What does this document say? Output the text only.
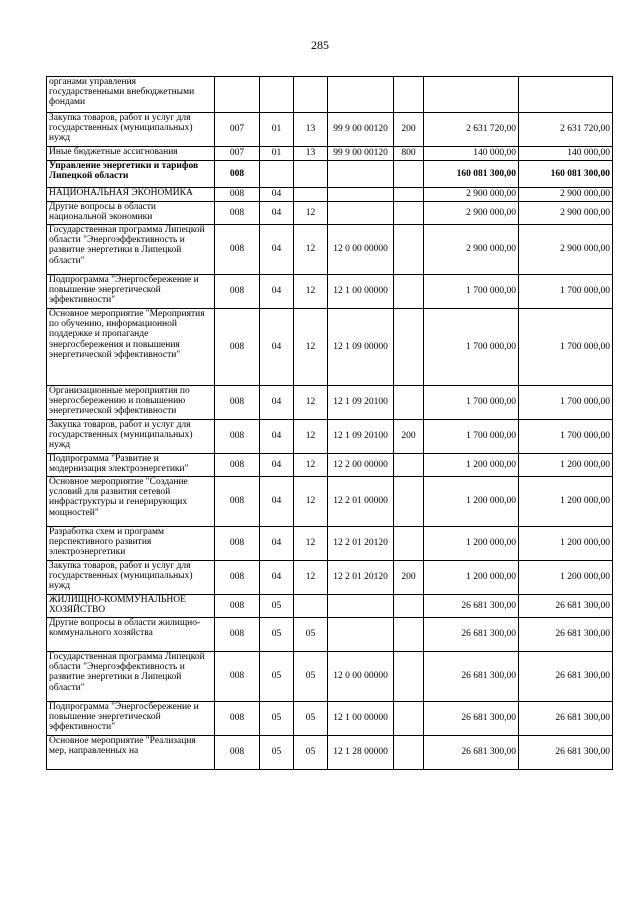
285
органами управления государственными внебюджетными фондами							
Закупка товаров, работ и услуг для государственных (муниципальных) нужд	007	01	13	99 9 00 00120	200	2 631 720,00	2 631 720,00
Иные бюджетные ассигнования	007	01	13	99 9 00 00120	800	140 000,00	140 000,00
Управление энергетики и тарифов Липецкой области	008					160 081 300,00	160 081 300,00
НАЦИОНАЛЬНАЯ ЭКОНОМИКА	008	04				2 900 000,00	2 900 000,00
Другие вопросы в области национальной экономики	008	04	12			2 900 000,00	2 900 000,00
Государственная программа Липецкой области "Энергоэффективность и развитие энергетики в Липецкой области"	008	04	12	12 0 00 00000		2 900 000,00	2 900 000,00
Подпрограмма "Энергосбережение и повышение энергетической эффективности"	008	04	12	12 1 00 00000		1 700 000,00	1 700 000,00
Основное мероприятие "Мероприятия по обучению, информационной поддержке и пропаганде энергосбережения и повышения энергетической эффективности"	008	04	12	12 1 09 00000		1 700 000,00	1 700 000,00
Организационные мероприятия по энергосбережению и повышению энергетической эффективности	008	04	12	12 1 09 20100		1 700 000,00	1 700 000,00
Закупка товаров, работ и услуг для государственных (муниципальных) нужд	008	04	12	12 1 09 20100	200	1 700 000,00	1 700 000,00
Подпрограмма "Развитие и модернизация электроэнергетики"	008	04	12	12 2 00 00000		1 200 000,00	1 200 000,00
Основное мероприятие "Создание условий для развития сетевой инфраструктуры и генерирующих мощностей"	008	04	12	12 2 01 00000		1 200 000,00	1 200 000,00
Разработка схем и программ перспективного развития электроэнергетики	008	04	12	12 2 01 20120		1 200 000,00	1 200 000,00
Закупка товаров, работ и услуг для государственных (муниципальных) нужд	008	04	12	12 2 01 20120	200	1 200 000,00	1 200 000,00
ЖИЛИЩНО-КОММУНАЛЬНОЕ ХОЗЯЙСТВО	008	05				26 681 300,00	26 681 300,00
Другие вопросы в области жилищно-коммунального хозяйства	008	05	05			26 681 300,00	26 681 300,00
Государственная программа Липецкой области "Энергоэффективность и развитие энергетики в Липецкой области"	008	05	05	12 0 00 00000		26 681 300,00	26 681 300,00
Подпрограмма "Энергосбережение и повышение энергетической эффективности"	008	05	05	12 1 00 00000		26 681 300,00	26 681 300,00
Основное мероприятие "Реализация мер, направленных на	008	05	05	12 1 28 00000		26 681 300,00	26 681 300,00
